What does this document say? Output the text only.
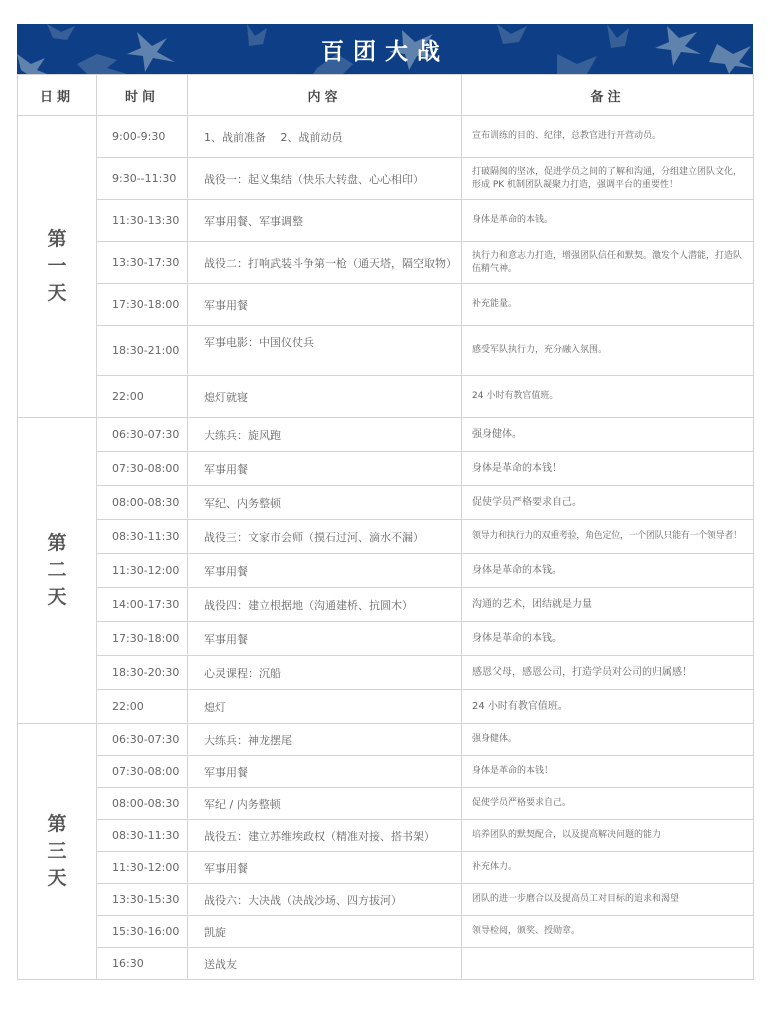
百团大战
日期	时间	内容	备注
第一天	9:00-9:30	1、战前准备　 2、战前动员	宣布训练的目的、纪律，总教官进行开营动员。
	9:30--11:30	战役一：起义集结（快乐大转盘、心心相印）	打破隔阂的坚冰，促进学员之间的了解和沟通，分组建立团队文化，形成 PK 机制团队凝聚力打造，强调平台的重要性！
	11:30-13:30	军事用餐、军事调整	身体是革命的本钱。
	13:30-17:30	战役二：打响武装斗争第一枪（通天塔，隔空取物）	执行力和意志力打造，增强团队信任和默契。激发个人潜能，打造队伍精气神。
	17:30-18:00	军事用餐	补充能量。
	18:30-21:00	军事电影：中国仪仗兵	感受军队执行力，充分融入氛围。
	22:00	熄灯就寝	24 小时有教官值班。
第二天	06:30-07:30	大练兵：旋风跑	强身健体。
	07:30-08:00	军事用餐	身体是革命的本钱！
	08:00-08:30	军纪、内务整顿	促使学员严格要求自己。
	08:30-11:30	战役三：文家市会师（摸石过河、滴水不漏）	领导力和执行力的双重考验，角色定位，一个团队只能有一个领导者！
	11:30-12:00	军事用餐	身体是革命的本钱。
	14:00-17:30	战役四：建立根据地（沟通建桥、抗圆木）	沟通的艺术，团结就是力量
	17:30-18:00	军事用餐	身体是革命的本钱。
	18:30-20:30	心灵课程：沉船	感恩父母，感恩公司，打造学员对公司的归属感！
	22:00	熄灯	24 小时有教官值班。
第三天	06:30-07:30	大练兵：神龙摆尾	强身健体。
	07:30-08:00	军事用餐	身体是革命的本钱！
	08:00-08:30	军纪 / 内务整顿	促使学员严格要求自己。
	08:30-11:30	战役五：建立苏维埃政权（精准对接、搭书架）	培养团队的默契配合，以及提高解决问题的能力
	11:30-12:00	军事用餐	补充体力。
	13:30-15:30	战役六：大决战（决战沙场、四方拔河）	团队的进一步磨合以及提高员工对目标的追求和渴望
	15:30-16:00	凯旋	领导检阅，颁奖、授勋章。
	16:30	送战友	
